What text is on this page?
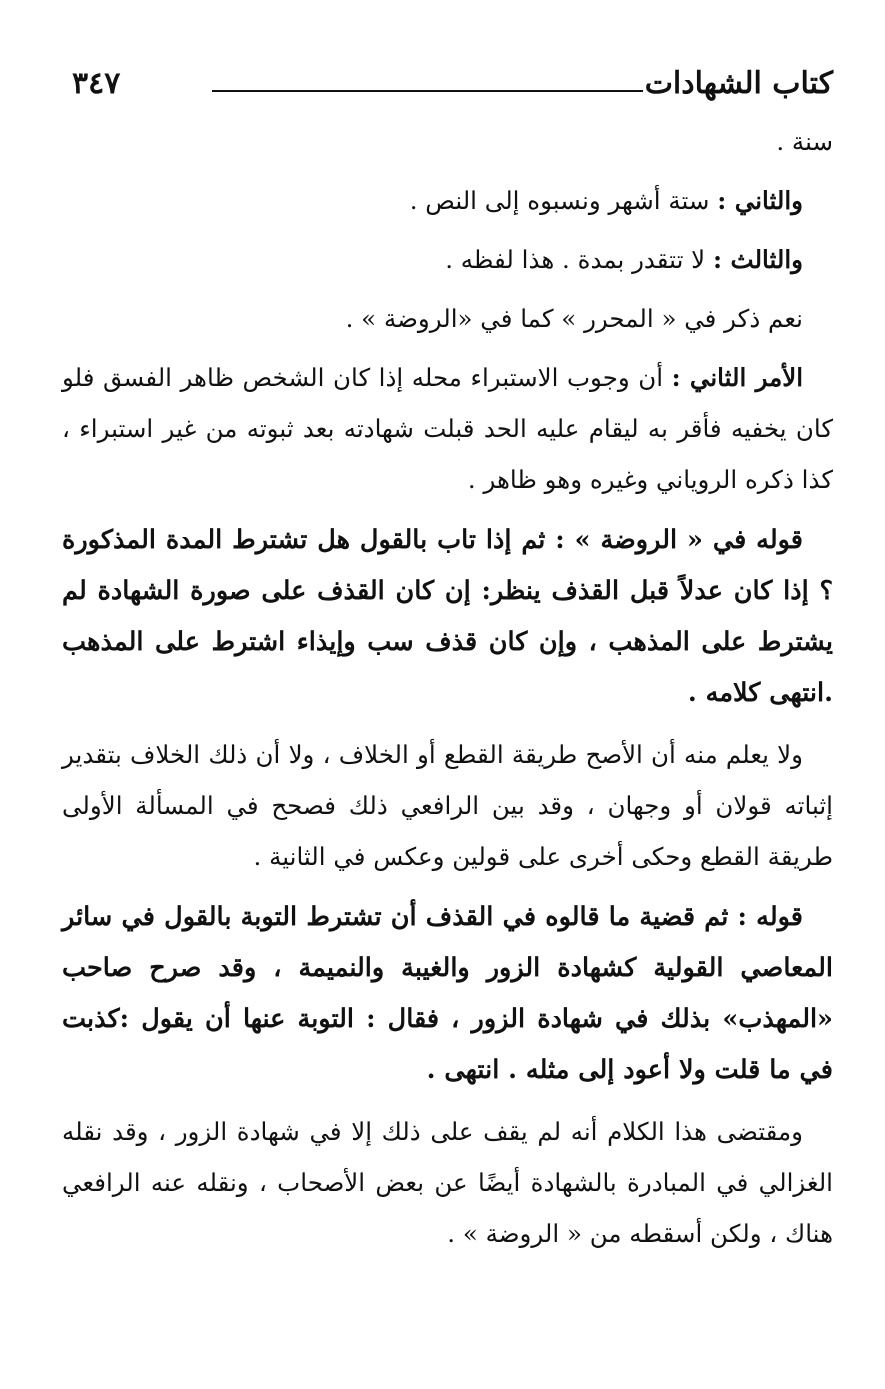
كتاب الشهادات
٣٤٧

سنة .

والثاني : ستة أشهر ونسبوه إلى النص .

والثالث : لا تتقدر بمدة . هذا لفظه .

نعم ذكر في « المحرر » كما في «الروضة » .

الأمر الثاني : أن وجوب الاستبراء محله إذا كان الشخص ظاهر الفسق فلو كان يخفيه فأقر به ليقام عليه الحد قبلت شهادته بعد ثبوته من غير استبراء ، كذا ذكره الروياني وغيره وهو ظاهر .

قوله في « الروضة » : ثم إذا تاب بالقول هل تشترط المدة المذكورة ؟ إذا كان عدلاً قبل القذف ينظر: إن كان القذف على صورة الشهادة لم يشترط على المذهب ، وإن كان قذف سب وإيذاء اشترط على المذهب .انتهى كلامه .

ولا يعلم منه أن الأصح طريقة القطع أو الخلاف ، ولا أن ذلك الخلاف بتقدير إثباته قولان أو وجهان ، وقد بين الرافعي ذلك فصحح في المسألة الأولى طريقة القطع وحكى أخرى على قولين وعكس في الثانية .

قوله : ثم قضية ما قالوه في القذف أن تشترط التوبة بالقول في سائر المعاصي القولية كشهادة الزور والغيبة والنميمة ، وقد صرح صاحب «المهذب» بذلك في شهادة الزور ، فقال : التوبة عنها أن يقول :كذبت في ما قلت ولا أعود إلى مثله . انتهى .

ومقتضى هذا الكلام أنه لم يقف على ذلك إلا في شهادة الزور ، وقد نقله الغزالي في المبادرة بالشهادة أيضًا عن بعض الأصحاب ، ونقله عنه الرافعي هناك ، ولكن أسقطه من « الروضة » .
